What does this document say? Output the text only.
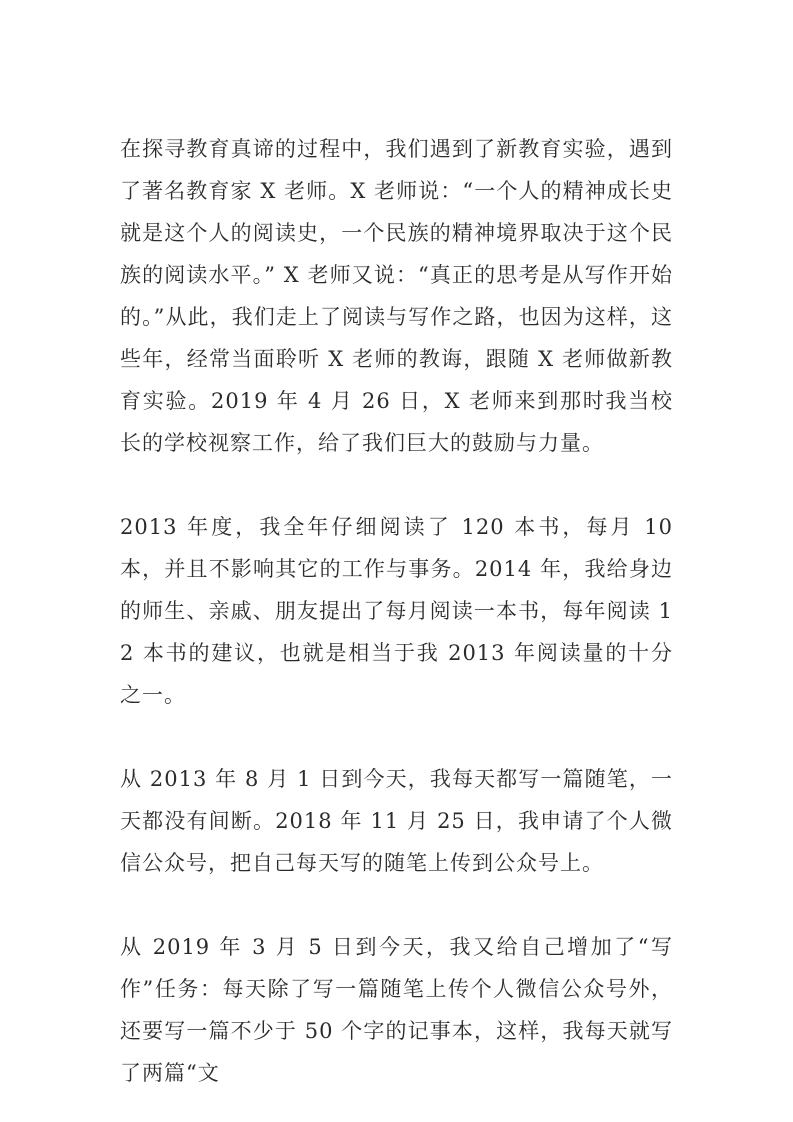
在探寻教育真谛的过程中，我们遇到了新教育实验，遇到了著名教育家 X 老师。X 老师说：“一个人的精神成长史就是这个人的阅读史，一个民族的精神境界取决于这个民族的阅读水平。” X 老师又说：“真正的思考是从写作开始的。”从此，我们走上了阅读与写作之路，也因为这样，这些年，经常当面聆听 X 老师的教诲，跟随 X 老师做新教育实验。2019 年 4 月 26 日，X 老师来到那时我当校长的学校视察工作，给了我们巨大的鼓励与力量。

2013 年度，我全年仔细阅读了 120 本书，每月 10 本，并且不影响其它的工作与事务。2014 年，我给身边的师生、亲戚、朋友提出了每月阅读一本书，每年阅读 12 本书的建议，也就是相当于我 2013 年阅读量的十分之一。

从 2013 年 8 月 1 日到今天，我每天都写一篇随笔，一天都没有间断。2018 年 11 月 25 日，我申请了个人微信公众号，把自己每天写的随笔上传到公众号上。

从 2019 年 3 月 5 日到今天，我又给自己增加了“写作”任务：每天除了写一篇随笔上传个人微信公众号外，还要写一篇不少于 50 个字的记事本，这样，我每天就写了两篇“文
